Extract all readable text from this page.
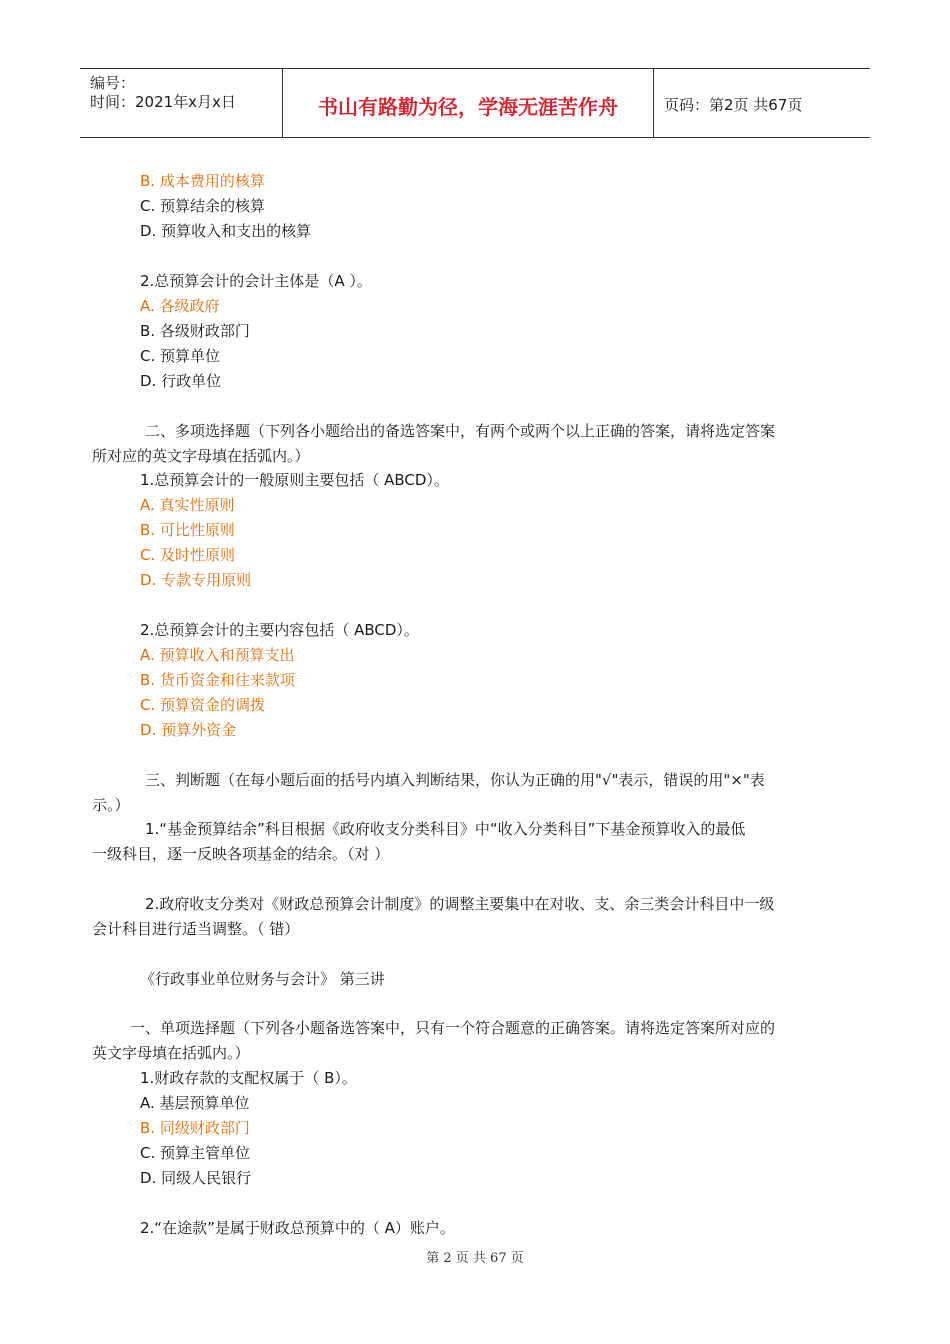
编号：
时间：2021年x月x日	书山有路勤为径，学海无涯苦作舟	页码：第2页 共67页
B. 成本费用的核算
C. 预算结余的核算
D. 预算收入和支出的核算
2.总预算会计的会计主体是（A ）。
A. 各级政府
B. 各级财政部门
C. 预算单位
D. 行政单位
二、多项选择题（下列各小题给出的备选答案中，有两个或两个以上正确的答案，请将选定答案
所对应的英文字母填在括弧内。）
1.总预算会计的一般原则主要包括（ ABCD）。
A. 真实性原则
B. 可比性原则
C. 及时性原则
D. 专款专用原则
2.总预算会计的主要内容包括（ ABCD）。
A. 预算收入和预算支出
B. 货币资金和往来款项
C. 预算资金的调拨
D. 预算外资金
三、判断题（在每小题后面的括号内填入判断结果，你认为正确的用"√"表示，错误的用"×"表
示。）
1.“基金预算结余”科目根据《政府收支分类科目》中“收入分类科目”下基金预算收入的最低
一级科目，逐一反映各项基金的结余。（对 ）
2.政府收支分类对《财政总预算会计制度》的调整主要集中在对收、支、余三类会计科目中一级
会计科目进行适当调整。（ 错）
《行政事业单位财务与会计》 第三讲
一、单项选择题（下列各小题备选答案中，只有一个符合题意的正确答案。请将选定答案所对应的
英文字母填在括弧内。）
1.财政存款的支配权属于（ B）。
A. 基层预算单位
B. 同级财政部门
C. 预算主管单位
D. 同级人民银行
2.“在途款”是属于财政总预算中的（ A）账户。
第 2 页 共 67 页
